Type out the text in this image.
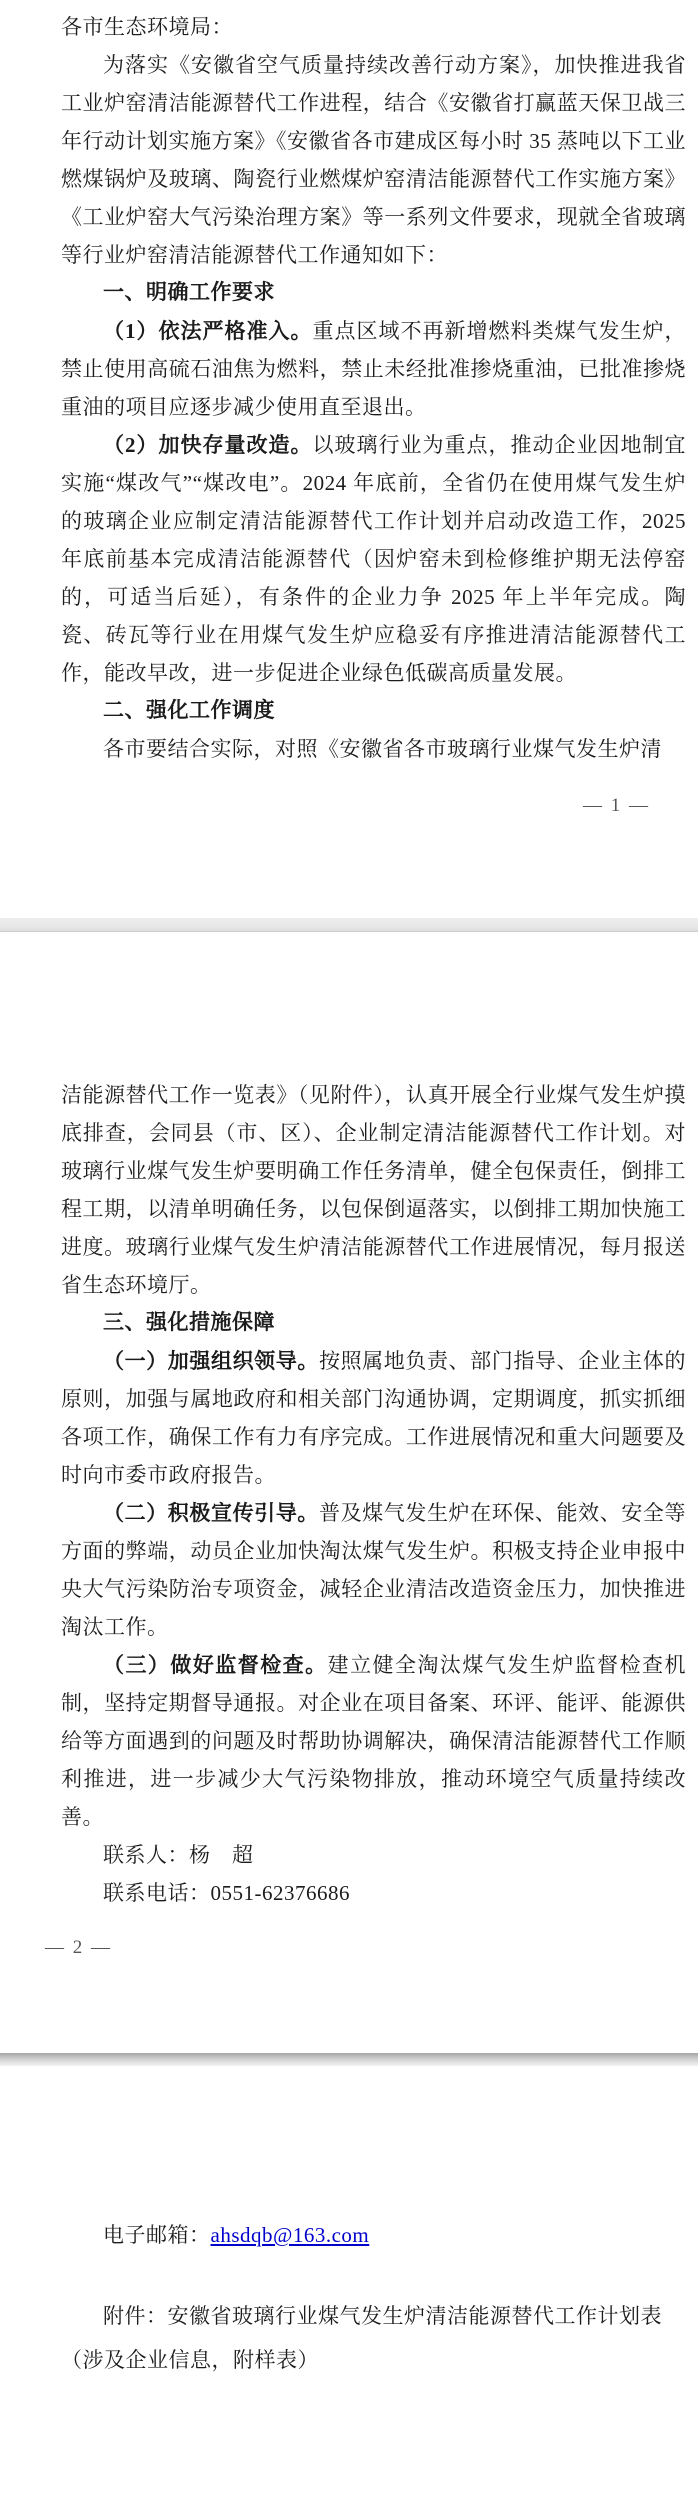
各市生态环境局：

为落实《安徽省空气质量持续改善行动方案》，加快推进我省工业炉窑清洁能源替代工作进程，结合《安徽省打赢蓝天保卫战三年行动计划实施方案》《安徽省各市建成区每小时 35 蒸吨以下工业燃煤锅炉及玻璃、陶瓷行业燃煤炉窑清洁能源替代工作实施方案》《工业炉窑大气污染治理方案》等一系列文件要求，现就全省玻璃等行业炉窑清洁能源替代工作通知如下：

一、明确工作要求

（1）依法严格准入。重点区域不再新增燃料类煤气发生炉，禁止使用高硫石油焦为燃料，禁止未经批准掺烧重油，已批准掺烧重油的项目应逐步减少使用直至退出。

（2）加快存量改造。以玻璃行业为重点，推动企业因地制宜实施“煤改气”“煤改电”。2024 年底前，全省仍在使用煤气发生炉的玻璃企业应制定清洁能源替代工作计划并启动改造工作，2025 年底前基本完成清洁能源替代（因炉窑未到检修维护期无法停窑的，可适当后延），有条件的企业力争 2025 年上半年完成。陶瓷、砖瓦等行业在用煤气发生炉应稳妥有序推进清洁能源替代工作，能改早改，进一步促进企业绿色低碳高质量发展。

二、强化工作调度

各市要结合实际，对照《安徽省各市玻璃行业煤气发生炉清

— 1 —

洁能源替代工作一览表》（见附件），认真开展全行业煤气发生炉摸底排查，会同县（市、区）、企业制定清洁能源替代工作计划。对玻璃行业煤气发生炉要明确工作任务清单，健全包保责任，倒排工程工期，以清单明确任务，以包保倒逼落实，以倒排工期加快施工进度。玻璃行业煤气发生炉清洁能源替代工作进展情况，每月报送省生态环境厅。

三、强化措施保障

（一）加强组织领导。按照属地负责、部门指导、企业主体的原则，加强与属地政府和相关部门沟通协调，定期调度，抓实抓细各项工作，确保工作有力有序完成。工作进展情况和重大问题要及时向市委市政府报告。

（二）积极宣传引导。普及煤气发生炉在环保、能效、安全等方面的弊端，动员企业加快淘汰煤气发生炉。积极支持企业申报中央大气污染防治专项资金，减轻企业清洁改造资金压力，加快推进淘汰工作。

（三）做好监督检查。建立健全淘汰煤气发生炉监督检查机制，坚持定期督导通报。对企业在项目备案、环评、能评、能源供给等方面遇到的问题及时帮助协调解决，确保清洁能源替代工作顺利推进，进一步减少大气污染物排放，推动环境空气质量持续改善。

联系人：杨　超

联系电话：0551-62376686

— 2 —

电子邮箱：ahsdqb@163.com

附件：安徽省玻璃行业煤气发生炉清洁能源替代工作计划表

（涉及企业信息，附样表）
